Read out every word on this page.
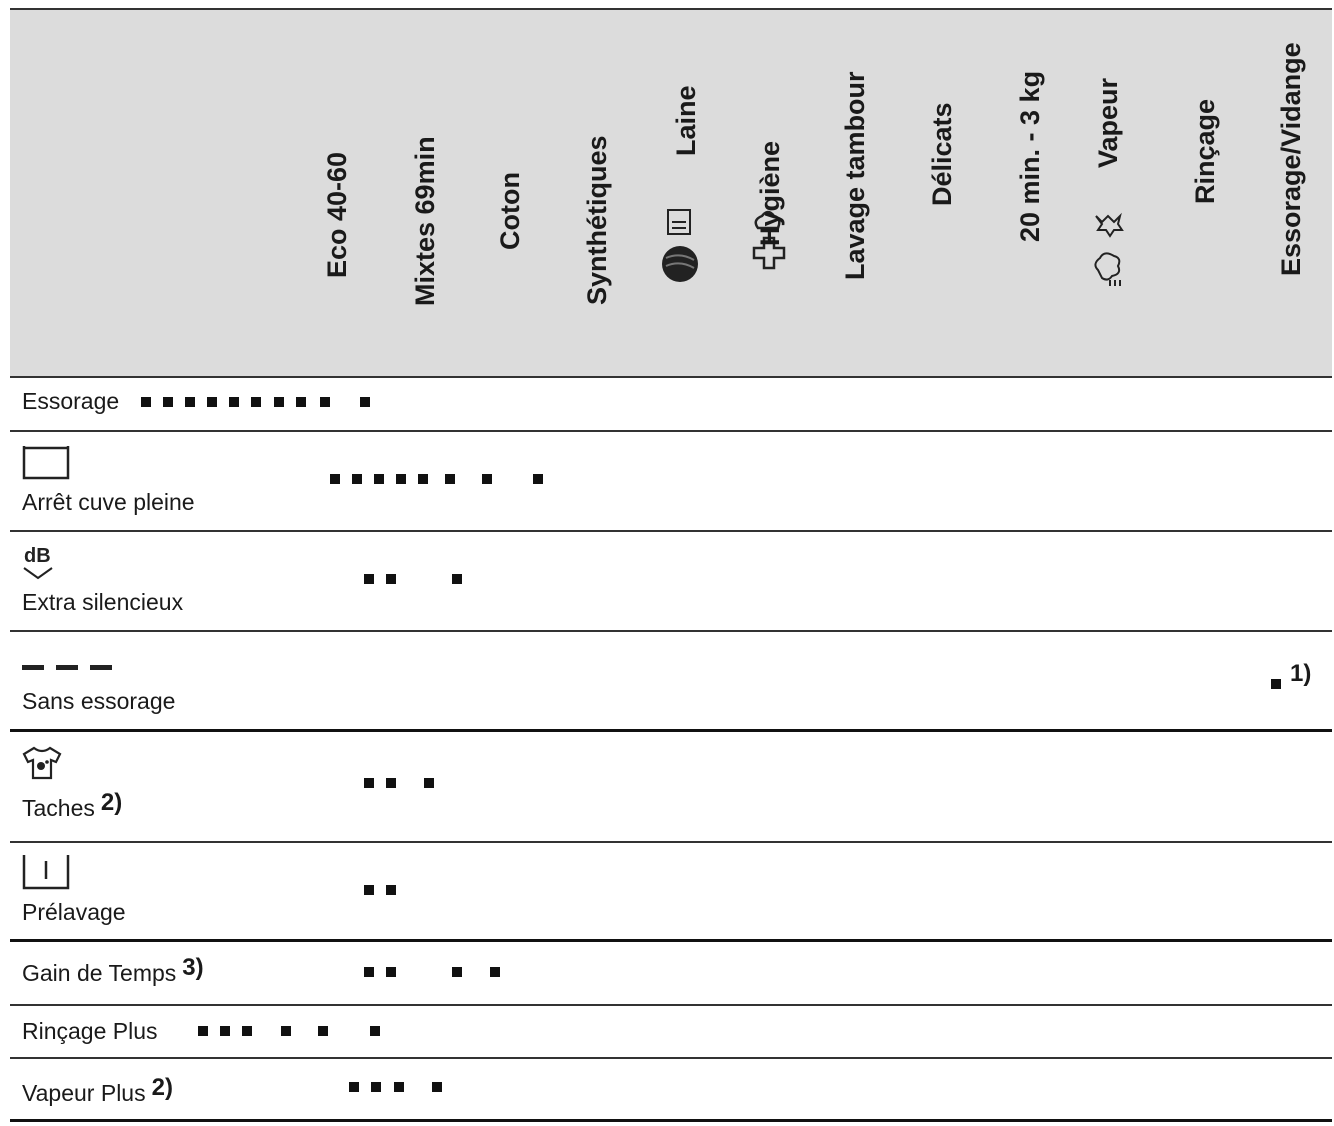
Eco 40-60 Mixtes 69min Coton Synthétiques
Laine
Hygiène Lavage tambour Délicats 20 min. - 3 kg Vapeur Rinçage Essorage/Vidange
Essorage
Arrêt cuve pleine
dB
Extra silencieux
Sans essorage
1)
Taches 2)
Prélavage
Gain de Temps 3)
Rinçage Plus
Vapeur Plus 2)
